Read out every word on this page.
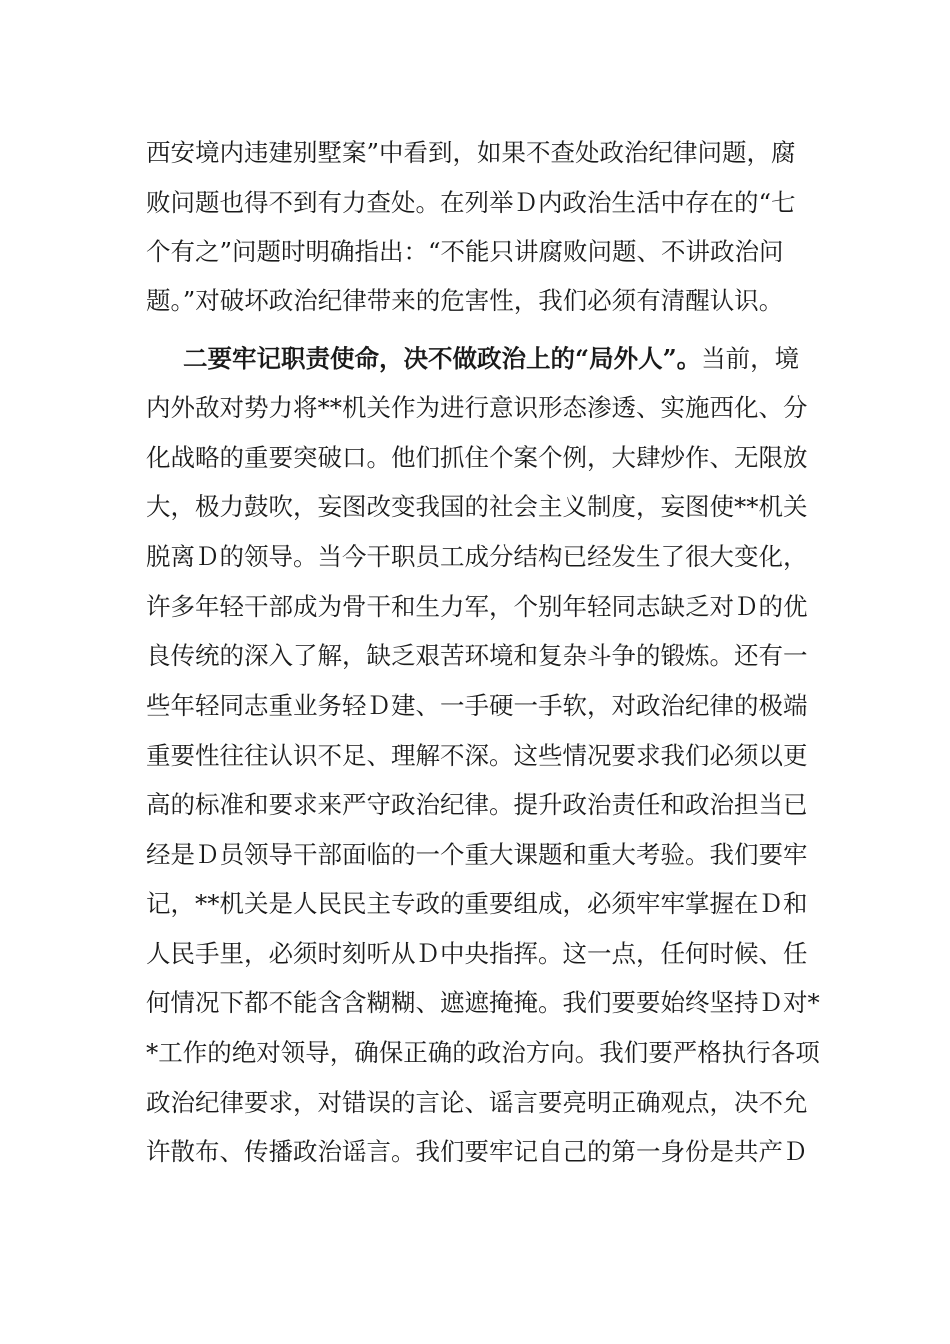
西安境内违建别墅案”中看到，如果不查处政治纪律问题，腐
败问题也得不到有力查处。在列举Ｄ内政治生活中存在的“七
个有之”问题时明确指出：“不能只讲腐败问题、不讲政治问
题。”对破坏政治纪律带来的危害性，我们必须有清醒认识。
二要牢记职责使命，决不做政治上的“局外人”。当前，境
内外敌对势力将**机关作为进行意识形态渗透、实施西化、分
化战略的重要突破口。他们抓住个案个例，大肆炒作、无限放
大，极力鼓吹，妄图改变我国的社会主义制度，妄图使**机关
脱离Ｄ的领导。当今干职员工成分结构已经发生了很大变化，
许多年轻干部成为骨干和生力军，个别年轻同志缺乏对Ｄ的优
良传统的深入了解，缺乏艰苦环境和复杂斗争的锻炼。还有一
些年轻同志重业务轻Ｄ建、一手硬一手软，对政治纪律的极端
重要性往往认识不足、理解不深。这些情况要求我们必须以更
高的标准和要求来严守政治纪律。提升政治责任和政治担当已
经是Ｄ员领导干部面临的一个重大课题和重大考验。我们要牢
记，**机关是人民民主专政的重要组成，必须牢牢掌握在Ｄ和
人民手里，必须时刻听从Ｄ中央指挥。这一点，任何时候、任
何情况下都不能含含糊糊、遮遮掩掩。我们要要始终坚持Ｄ对*
*工作的绝对领导，确保正确的政治方向。我们要严格执行各项
政治纪律要求，对错误的言论、谣言要亮明正确观点，决不允
许散布、传播政治谣言。我们要牢记自己的第一身份是共产Ｄ
